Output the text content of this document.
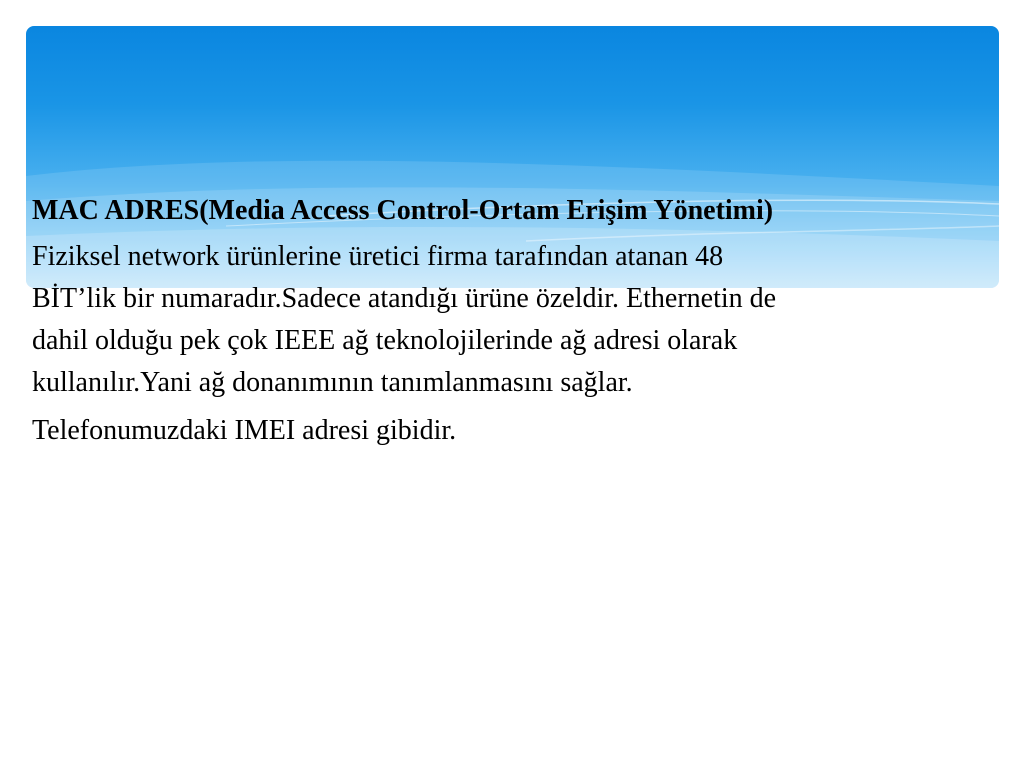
MAC ADRES(Media Access Control-Ortam Erişim Yönetimi)

Fiziksel network ürünlerine üretici firma tarafından atanan 48
BİT’lik bir numaradır.Sadece atandığı ürüne özeldir. Ethernetin de
dahil olduğu pek çok IEEE ağ teknolojilerinde ağ adresi olarak
kullanılır.Yani ağ donanımının tanımlanmasını sağlar.

Telefonumuzdaki IMEI adresi gibidir.
